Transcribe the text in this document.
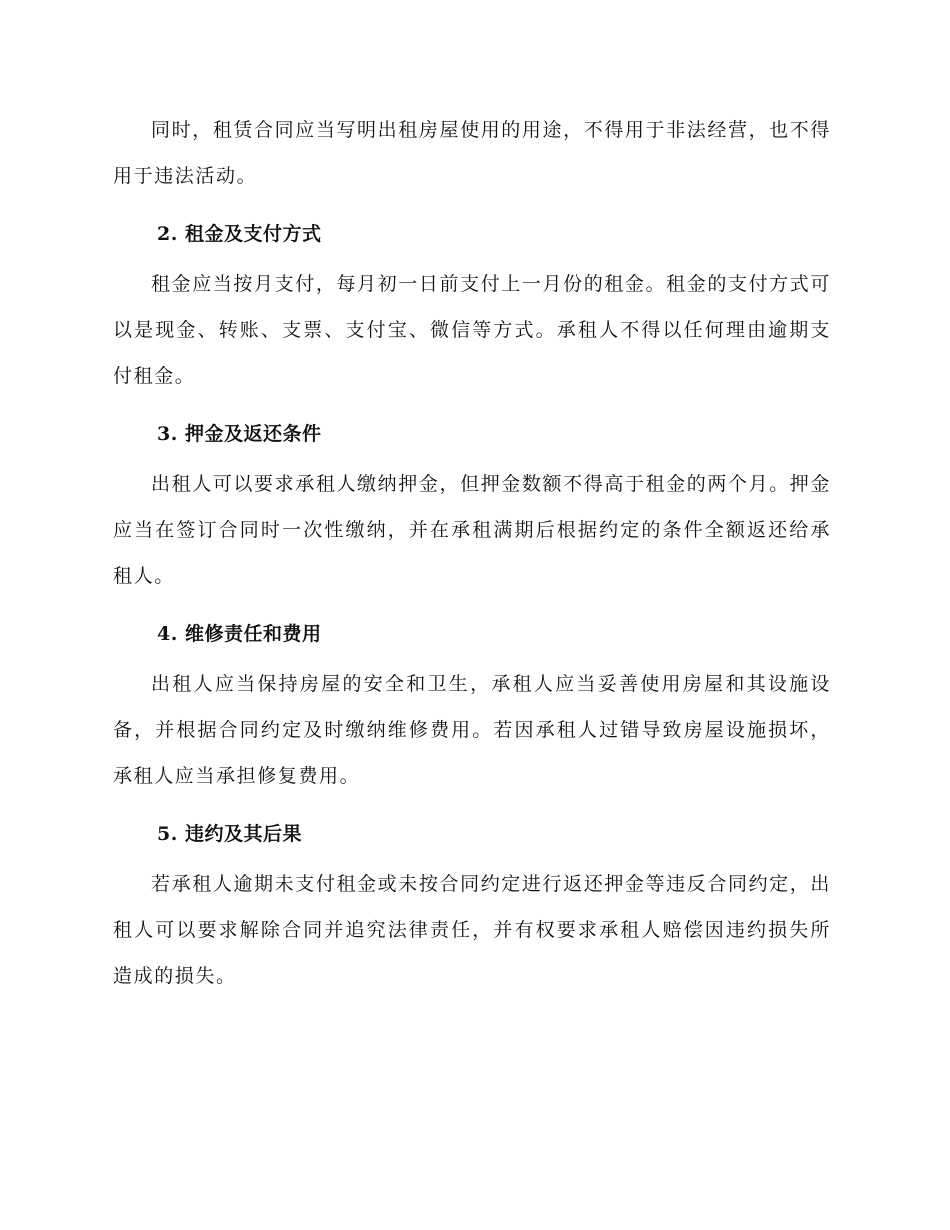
同时，租赁合同应当写明出租房屋使用的用途，不得用于非法经营，也不得用于违法活动。

2. 租金及支付方式

租金应当按月支付，每月初一日前支付上一月份的租金。租金的支付方式可以是现金、转账、支票、支付宝、微信等方式。承租人不得以任何理由逾期支付租金。

3. 押金及返还条件

出租人可以要求承租人缴纳押金，但押金数额不得高于租金的两个月。押金应当在签订合同时一次性缴纳，并在承租满期后根据约定的条件全额返还给承租人。

4. 维修责任和费用

出租人应当保持房屋的安全和卫生，承租人应当妥善使用房屋和其设施设备，并根据合同约定及时缴纳维修费用。若因承租人过错导致房屋设施损坏，承租人应当承担修复费用。

5. 违约及其后果

若承租人逾期未支付租金或未按合同约定进行返还押金等违反合同约定，出租人可以要求解除合同并追究法律责任，并有权要求承租人赔偿因违约损失所造成的损失。
